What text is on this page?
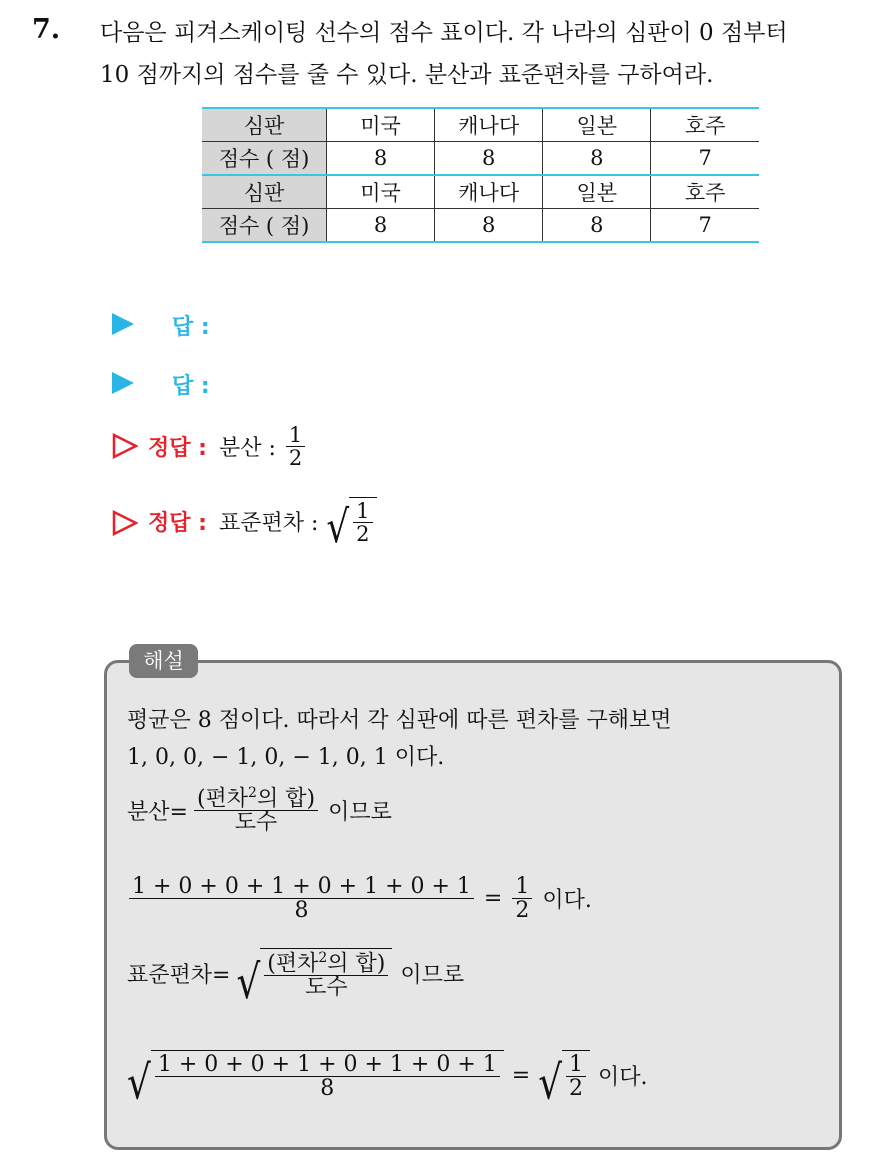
7. 다음은 피겨스케이팅 선수의 점수 표이다. 각 나라의 심판이 0 점부터
10 점까지의 점수를 줄 수 있다. 분산과 표준편차를 구하여라.
심판	미국	캐나다	일본	호주
점수 ( 점)	8	8	8	7
심판	미국	캐나다	일본	호주
점수 ( 점)	8	8	8	7
답 :
답 :
정답 : 분산 : $\frac{1}{2}$
정답 : 표준편차 : √ $\frac{1}{2}$
해설
평균은 8 점이다. 따라서 각 심판에 따른 편차를 구해보면
1, 0, 0, − 1, 0, − 1, 0, 1 이다.
분산= $\frac{(편차^2의 합)}{\text{도수}}$ 이므로
$\frac{1 + 0 + 0 + 1 + 0 + 1 + 0 + 1}{8} = \frac{1}{2}$ 이다.
표준편차= √ $\frac{(편차^2의 합)}{\text{도수}}$ 이므로
√ $\frac{1 + 0 + 0 + 1 + 0 + 1 + 0 + 1}{8}$ = √ $\frac{1}{2}$ 이다.
